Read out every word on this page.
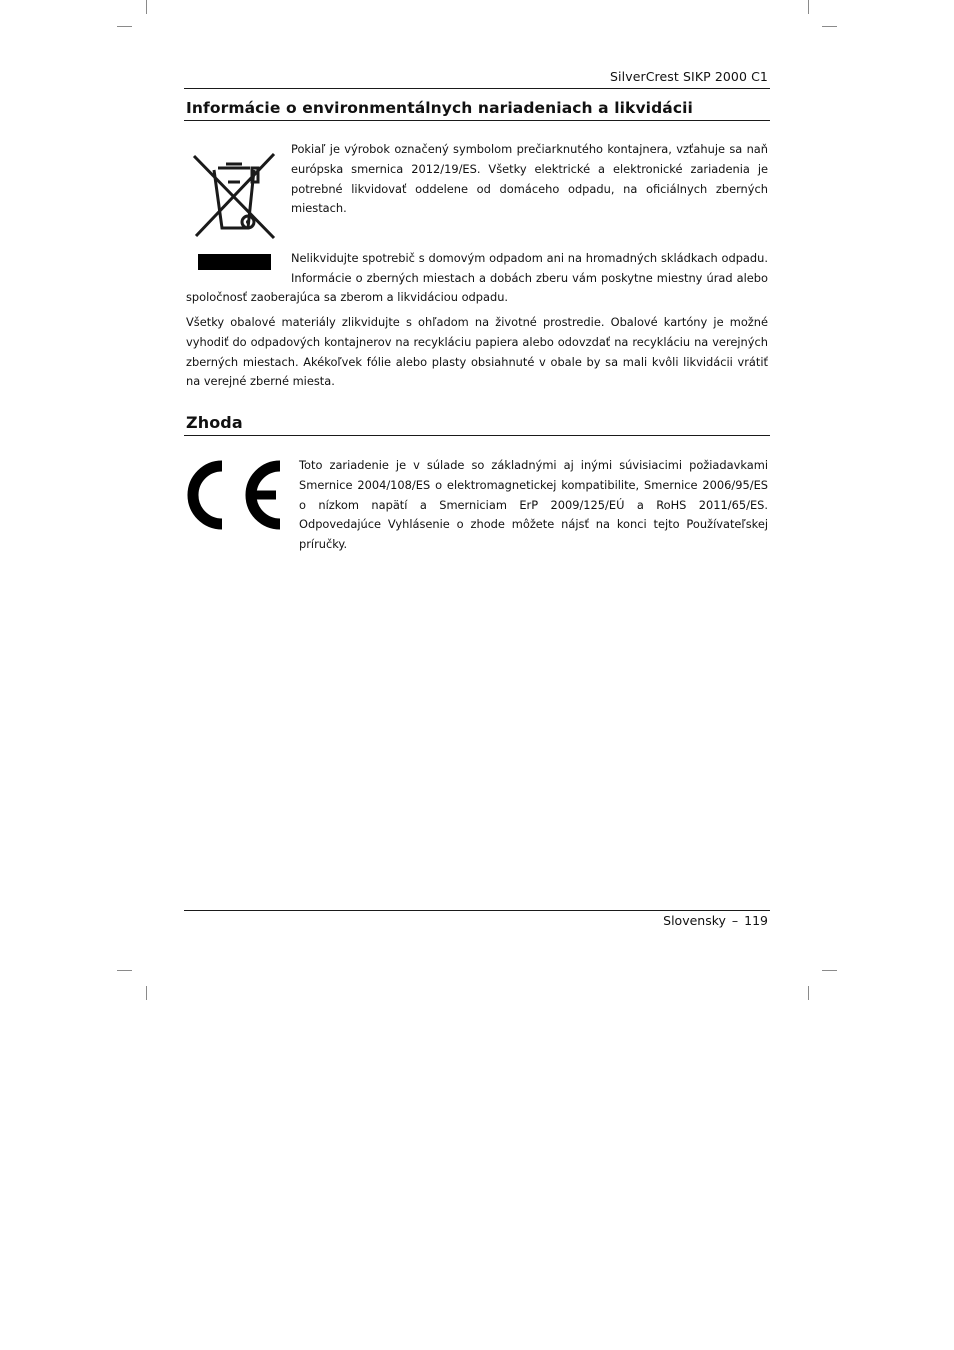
SilverCrest SIKP 2000 C1
Informácie o environmentálnych nariadeniach a likvidácii

Pokiaľ je výrobok označený symbolom prečiarknutého kontajnera, vzťahuje sa naň európska smernica 2012/19/ES. Všetky elektrické a elektronické zariadenia je potrebné likvidovať oddelene od domáceho odpadu, na oficiálnych zberných miestach.

Nelikvidujte spotrebič s domovým odpadom ani na hromadných skládkach odpadu.
Informácie o zberných miestach a dobách zberu vám poskytne miestny úrad alebo
spoločnosť zaoberajúca sa zberom a likvidáciou odpadu.

Všetky obalové materiály zlikvidujte s ohľadom na životné prostredie. Obalové kartóny je možné vyhodiť do odpadových kontajnerov na recykláciu papiera alebo odovzdať na recykláciu na verejných zberných miestach. Akékoľvek fólie alebo plasty obsiahnuté v obale by sa mali kvôli likvidácii vrátiť na verejné zberné miesta.

Zhoda

Toto zariadenie je v súlade so základnými aj inými súvisiacimi požiadavkami Smernice 2004/108/ES o elektromagnetickej kompatibilite, Smernice 2006/95/ES o nízkom napätí a Smerniciam ErP 2009/125/EÚ a RoHS 2011/65/ES. Odpovedajúce Vyhlásenie o zhode môžete nájsť na konci tejto Používateľskej príručky.

Slovensky – 119
